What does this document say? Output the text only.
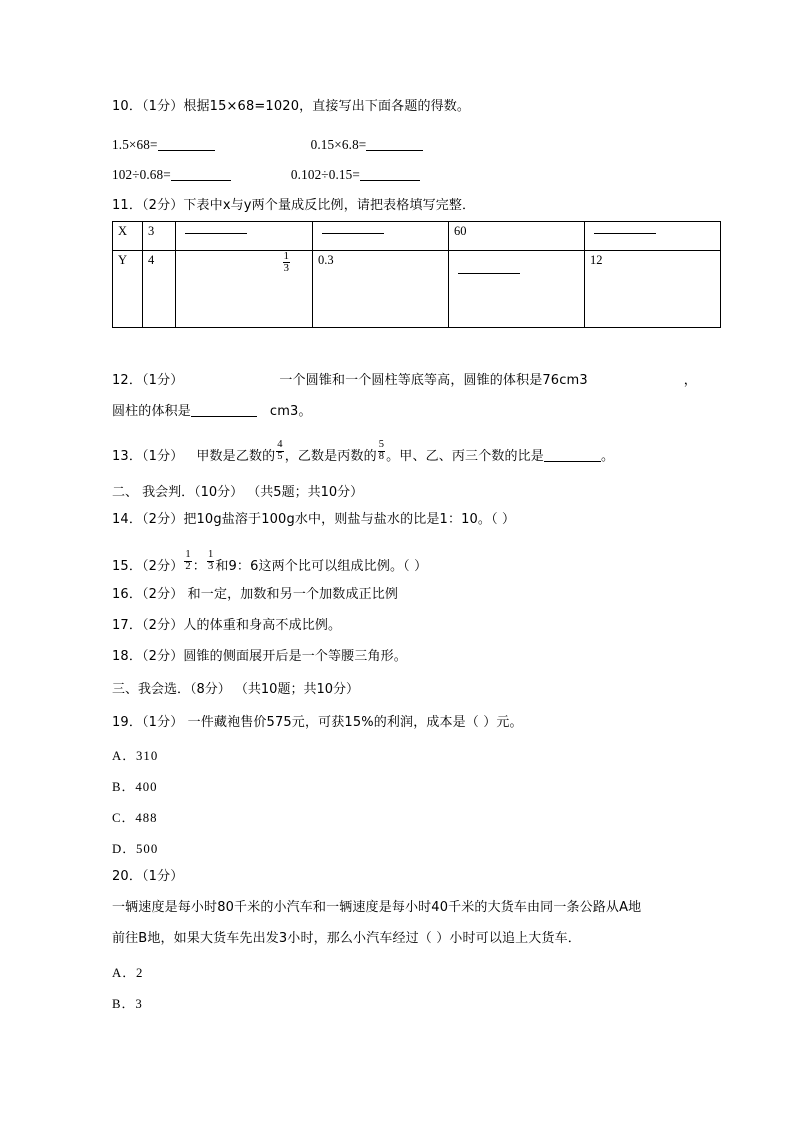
10．（1分）根据15×68=1020，直接写出下面各题的得数。
1.5×68=	0.15×6.8=
102÷0.68=	0.102÷0.15=
11．（2分）下表中x与y两个量成反比例，请把表格填写完整．
X	3			60	
Y	4	$\frac{1}{3}$	0.3		12
12．（1分）	一个圆锥和一个圆柱等底等高，圆锥的体积是76cm3	，
圆柱的体积是	cm3。
13．（1分） 甲数是乙数的 $\frac{4}{5}$ ，乙数是丙数的 $\frac{5}{8}$ 。甲、乙、丙三个数的比是	。
二、 我会判．（10分） （共5题；共10分）
14．（2分）把10g盐溶于100g水中，则盐与盐水的比是1：10。（ ）
15．（2分） $\frac{1}{2}$ ： $\frac{1}{3}$ 和9：6这两个比可以组成比例。（ ）
16．（2分） 和一定，加数和另一个加数成正比例
17．（2分）人的体重和身高不成比例。
18．（2分）圆锥的侧面展开后是一个等腰三角形。
三、我会选．（8分） （共10题；共10分）
19．（1分） 一件藏袍售价575元，可获15%的利润，成本是（ ）元。
A．310
B．400
C．488
D．500
20．（1分）
一辆速度是每小时80千米的小汽车和一辆速度是每小时40千米的大货车由同一条公路从A地
前往B地，如果大货车先出发3小时，那么小汽车经过（ ）小时可以追上大货车．
A．2
B．3
